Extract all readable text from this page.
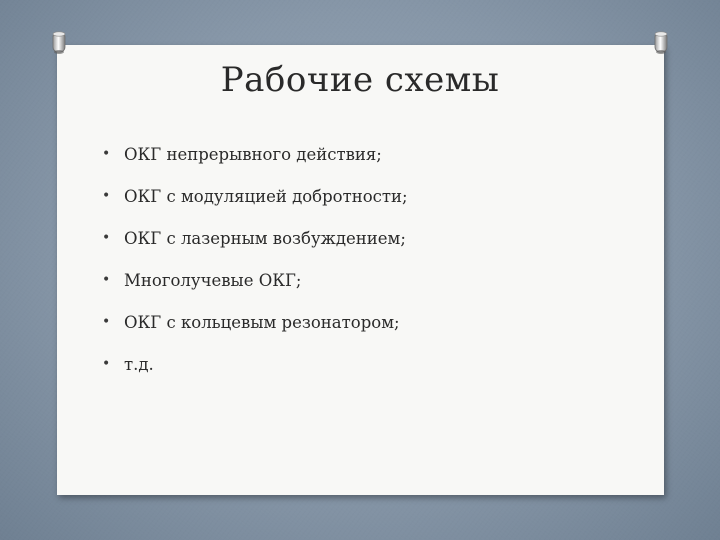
Рабочие схемы
• ОКГ непрерывного действия;
• ОКГ с модуляцией добротности;
• ОКГ с лазерным возбуждением;
• Многолучевые ОКГ;
• ОКГ с кольцевым резонатором;
• т.д.
